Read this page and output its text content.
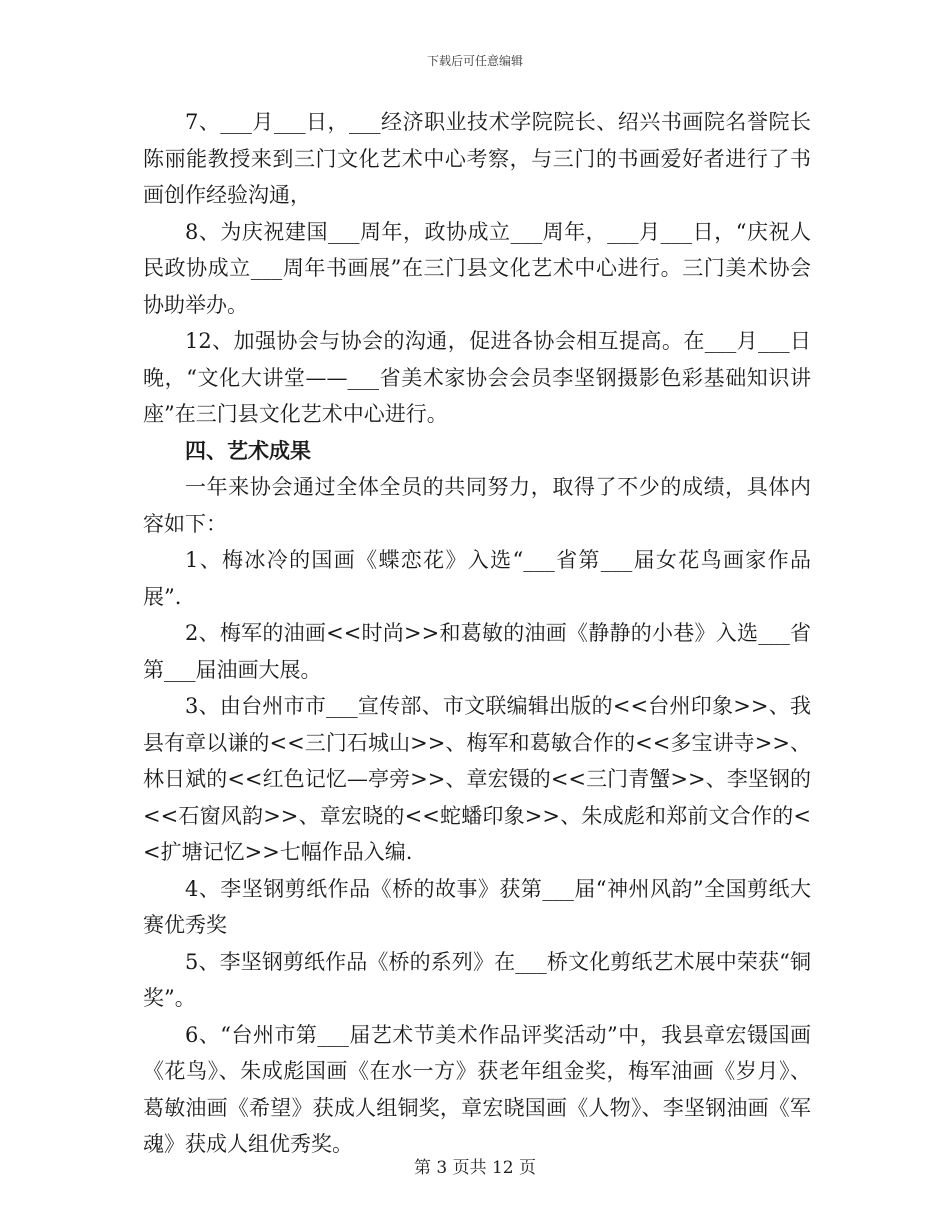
下载后可任意编辑

7、___月___日，___经济职业技术学院院长、绍兴书画院名誉院长陈丽能教授来到三门文化艺术中心考察，与三门的书画爱好者进行了书画创作经验沟通，

8、为庆祝建国___周年，政协成立___周年，___月___日，“庆祝人民政协成立___周年书画展”在三门县文化艺术中心进行。三门美术协会协助举办。

12、加强协会与协会的沟通，促进各协会相互提高。在___月___日晚，“文化大讲堂——___省美术家协会会员李坚钢摄影色彩基础知识讲座”在三门县文化艺术中心进行。

四、艺术成果

一年来协会通过全体全员的共同努力，取得了不少的成绩，具体内容如下：

1、梅冰冷的国画《蝶恋花》入选“___省第___届女花鸟画家作品展”.

2、梅军的油画<<时尚>>和葛敏的油画《静静的小巷》入选___省第___届油画大展。

3、由台州市市___宣传部、市文联编辑出版的<<台州印象>>、我县有章以谦的<<三门石城山>>、梅军和葛敏合作的<<多宝讲寺>>、林日斌的<<红色记忆—亭旁>>、章宏镊的<<三门青蟹>>、李坚钢的<<石窗风韵>>、章宏晓的<<蛇蟠印象>>、朱成彪和郑前文合作的<<扩塘记忆>>七幅作品入编.

4、李坚钢剪纸作品《桥的故事》获第___届“神州风韵”全国剪纸大赛优秀奖

5、李坚钢剪纸作品《桥的系列》在___桥文化剪纸艺术展中荣获“铜奖”。

6、“台州市第___届艺术节美术作品评奖活动”中，我县章宏镊国画《花鸟》、朱成彪国画《在水一方》获老年组金奖，梅军油画《岁月》、葛敏油画《希望》获成人组铜奖，章宏晓国画《人物》、李坚钢油画《军魂》获成人组优秀奖。

第 3 页共 12 页
